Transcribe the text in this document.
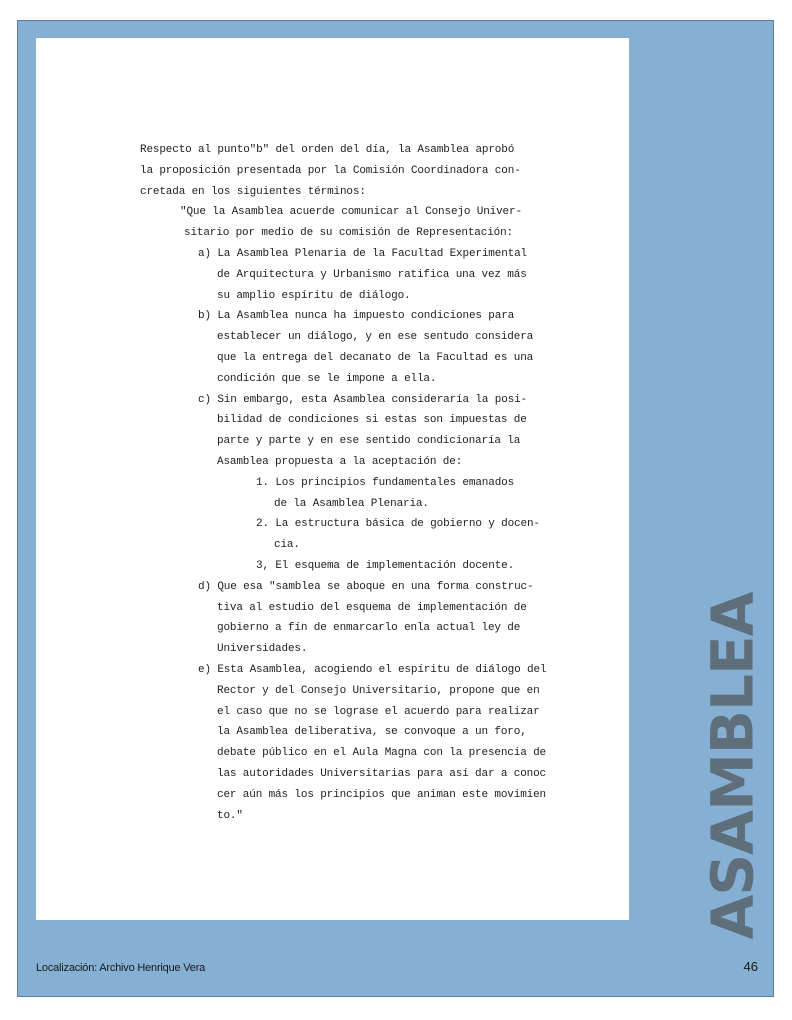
Respecto al punto"b" del orden del día, la Asamblea aprobó
la proposición presentada por la Comisión Coordinadora con-
cretada en los siguientes términos:
"Que la Asamblea acuerde comunicar al Consejo Univer-
sitario por medio de su comisión de Representación:
a) La Asamblea Plenaria de la Facultad Experimental
de Arquitectura y Urbanismo ratifica una vez más
su amplio espíritu de diálogo.
b) La Asamblea nunca ha impuesto condiciones para
establecer un diálogo, y en ese sentudo considera
que la entrega del decanato de la Facultad es una
condición que se le impone a ella.
c) Sin embargo, esta Asamblea consideraría la posi-
bilidad de condiciones si estas son impuestas de
parte y parte y en ese sentido condicionaría la
Asamblea propuesta a la aceptación de:
1. Los principios fundamentales emanados
de la Asamblea Plenaria.
2. La estructura básica de gobierno y docen-
cia.
3, El esquema de implementación docente.
d) Que esa "samblea se aboque en una forma construc-
tiva al estudio del esquema de implementación de
gobierno a fín de enmarcarlo enla actual ley de
Universidades.
e) Esta Asamblea, acogiendo el espíritu de diálogo del
Rector y del Consejo Universitario, propone que en
el caso que no se lograse el acuerdo para realizar
la Asamblea deliberativa, se convoque a un foro,
debate público en el Aula Magna con la presencia de
las autoridades Universitarias para así dar a conoc
cer aún más los principios que animan este movimien
to."	ASAMBLEA
Localización: Archivo Henrique Vera	46
